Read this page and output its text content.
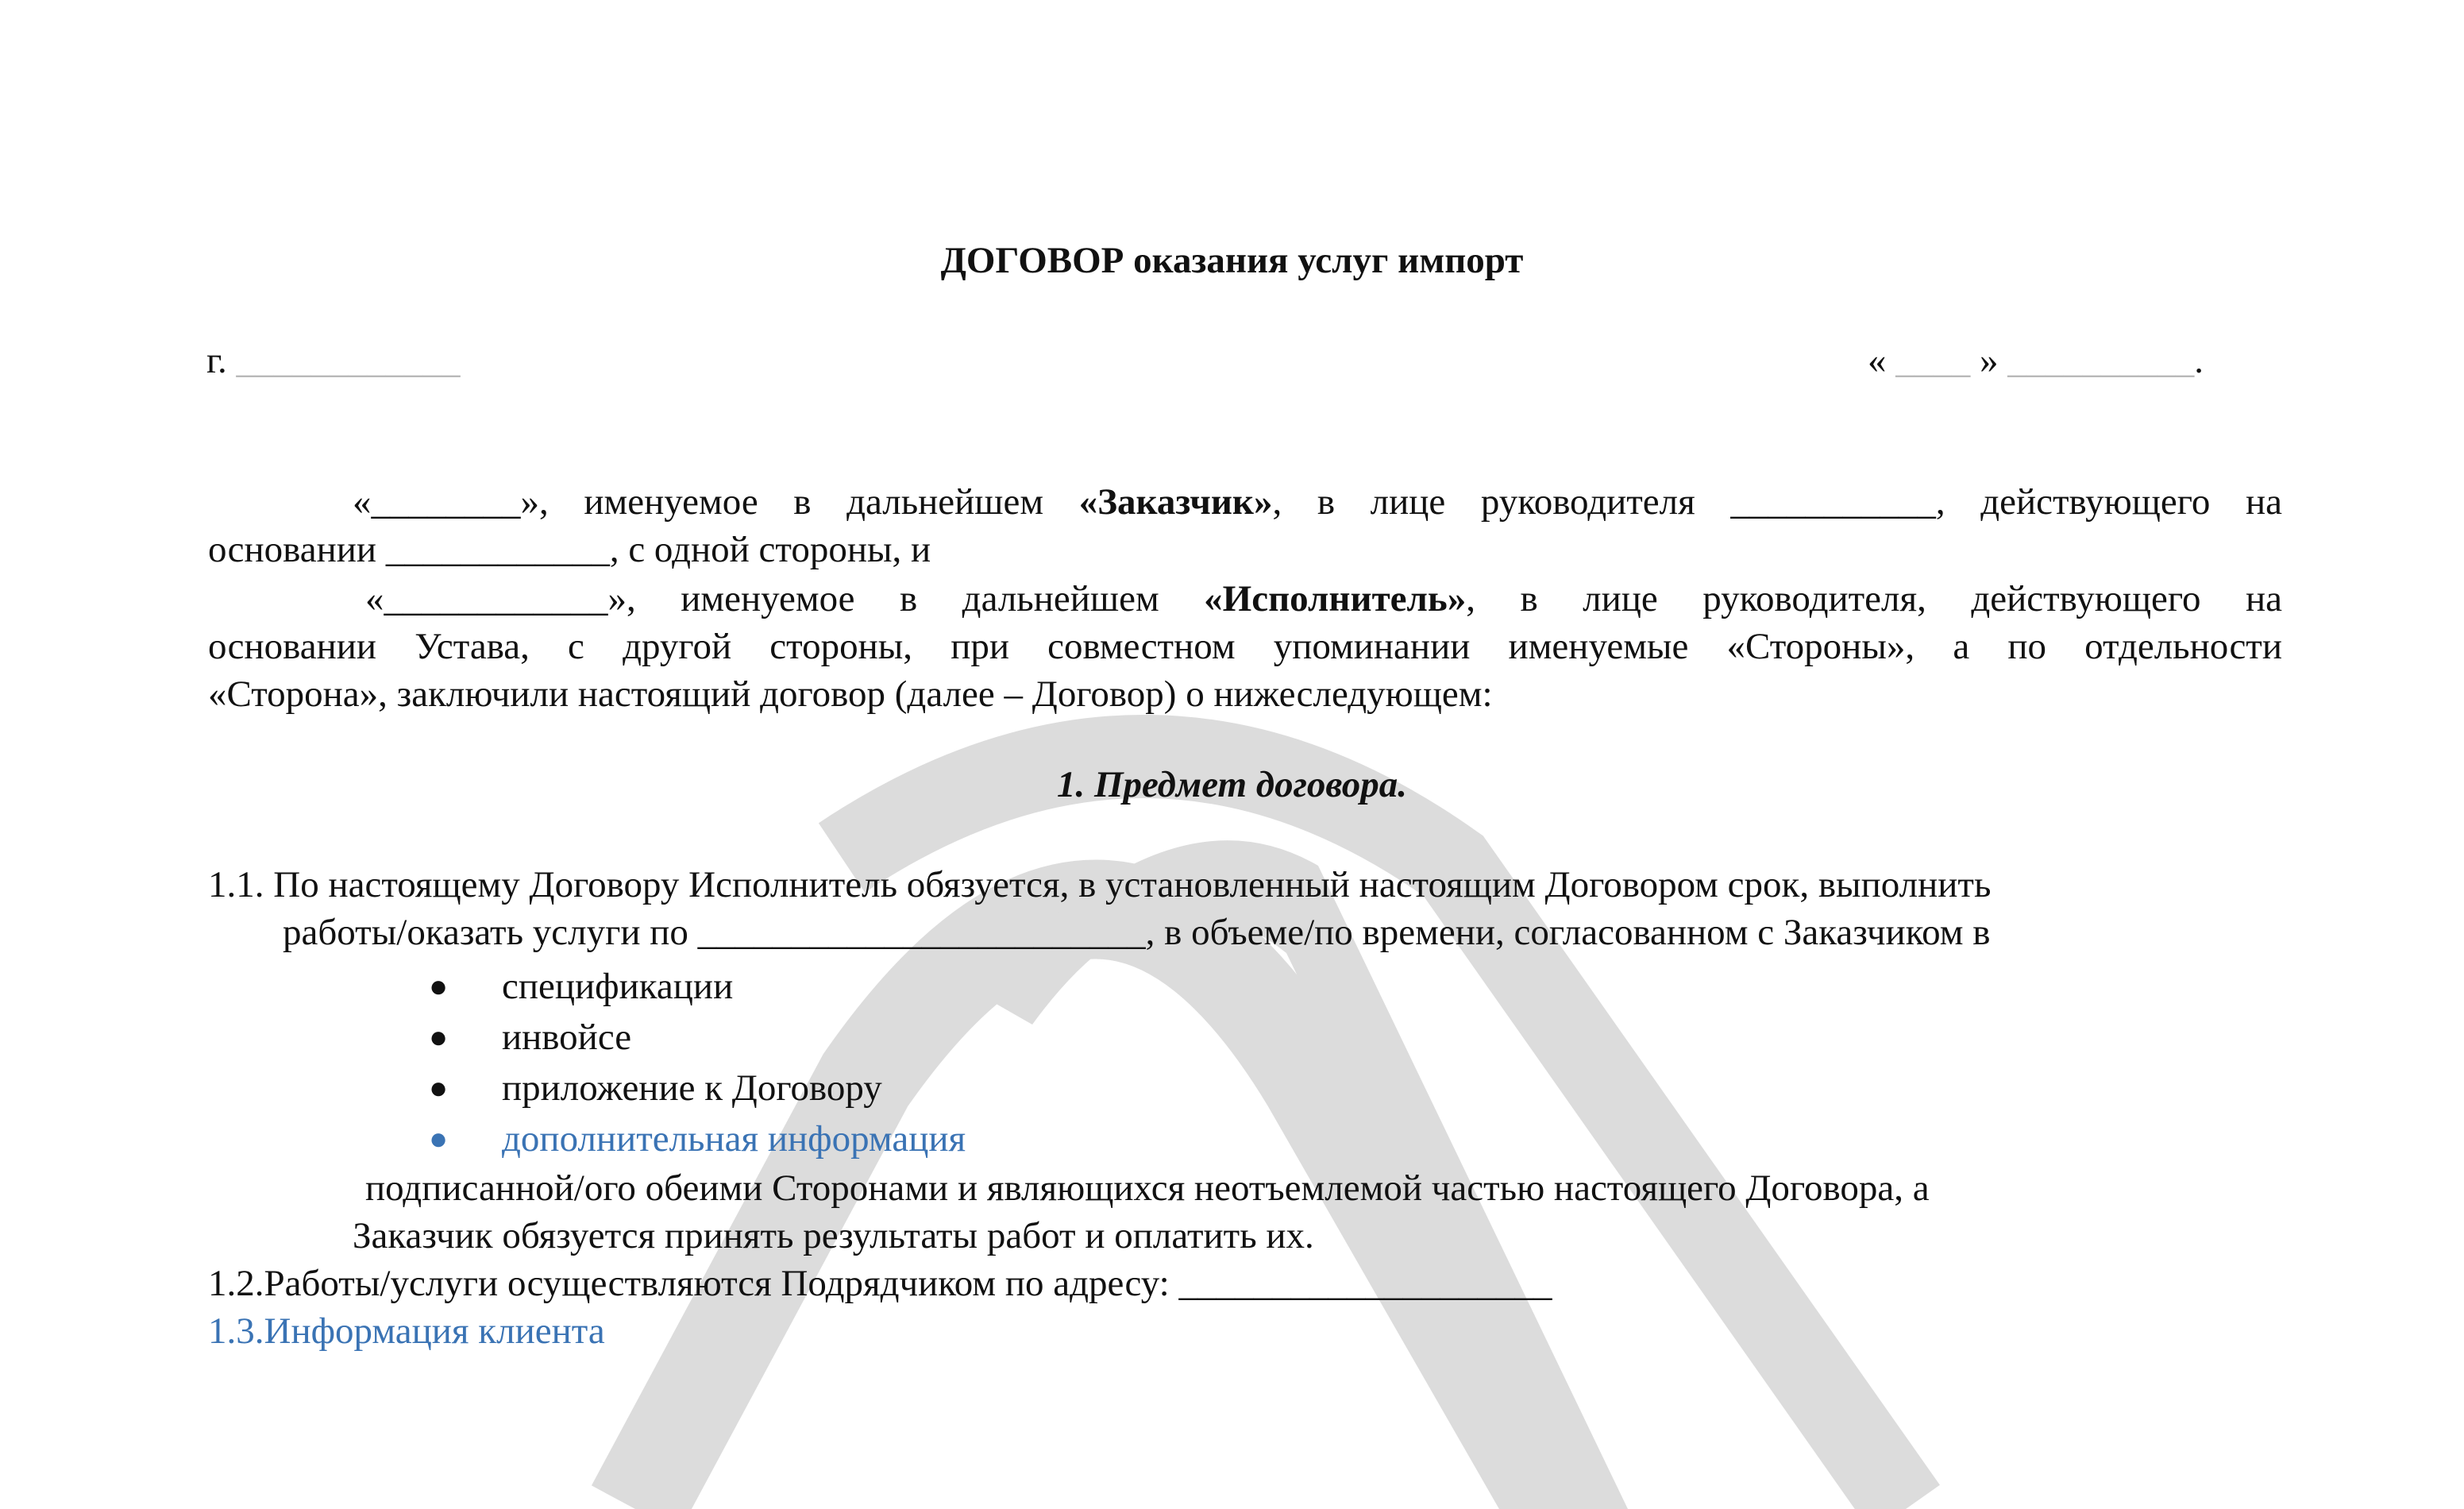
ДОГОВОР оказания услуг импорт
г. ____________	« ____ » __________.
«________», именуемое в дальнейшем «Заказчик», в лице руководителя ___________, действующего на
основании ____________, с одной стороны, и
«____________», именуемое в дальнейшем «Исполнитель», в лице руководителя, действующего на
основании Устава, с другой стороны, при совместном упоминании именуемые «Стороны», а по отдельности
«Сторона», заключили настоящий договор (далее – Договор) о нижеследующем:
1. Предмет договора.
1.1. По настоящему Договору Исполнитель обязуется, в установленный настоящим Договором срок, выполнить
работы/оказать услуги по ________________________, в объеме/по времени, согласованном с Заказчиком в
● спецификации
● инвойсе
● приложение к Договору
● дополнительная информация
подписанной/ого обеими Сторонами и являющихся неотъемлемой частью настоящего Договора, а
Заказчик обязуется принять результаты работ и оплатить их.
1.2.Работы/услуги осуществляются Подрядчиком по адресу: ____________________
1.3.Информация клиента
